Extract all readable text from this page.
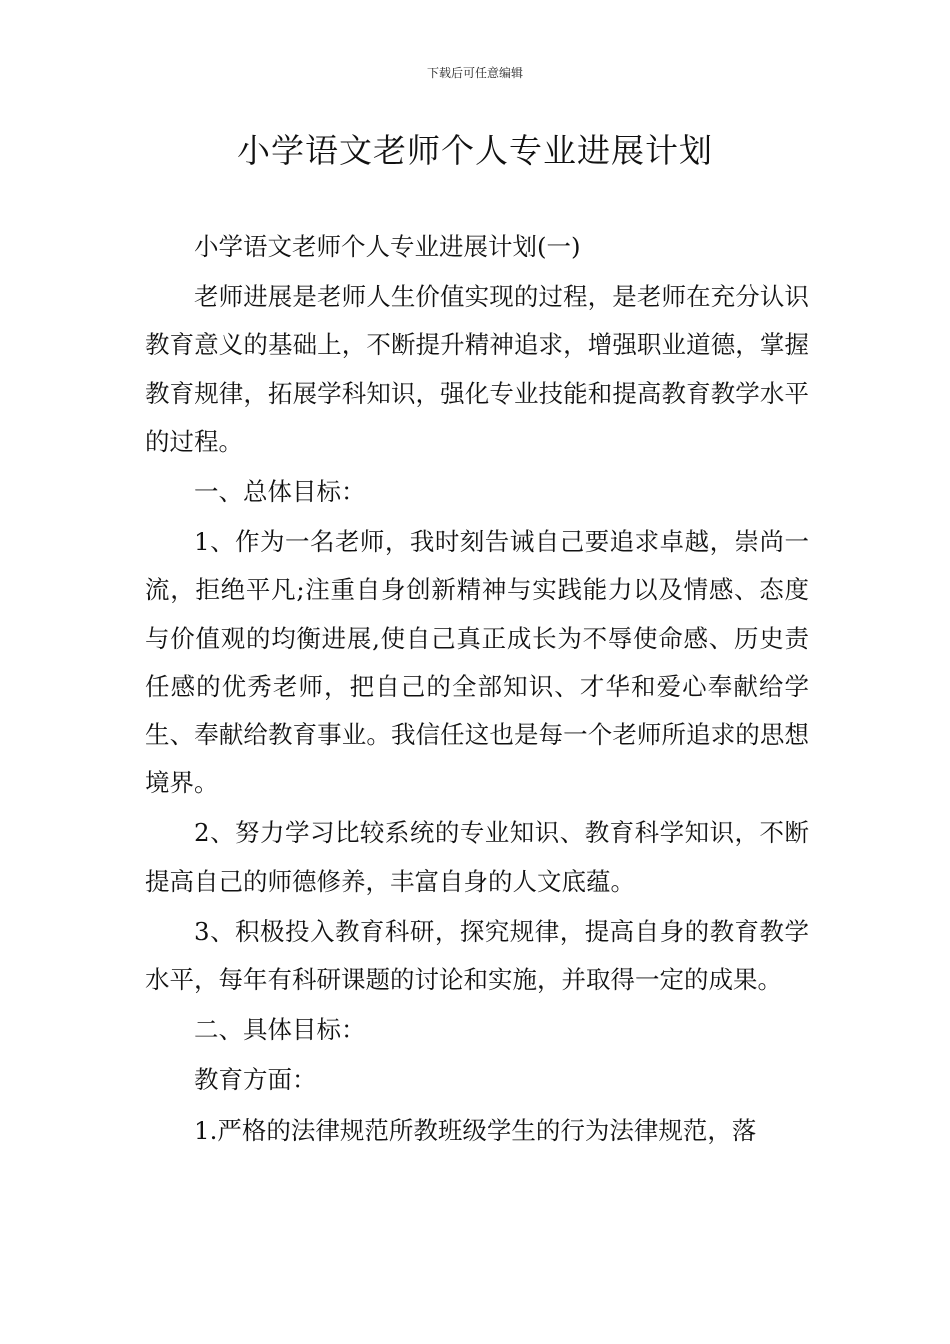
下载后可任意编辑
小学语文老师个人专业进展计划

小学语文老师个人专业进展计划(一)

老师进展是老师人生价值实现的过程，是老师在充分认识教育意义的基础上，不断提升精神追求，增强职业道德，掌握教育规律，拓展学科知识，强化专业技能和提高教育教学水平的过程。

一、总体目标：

1、作为一名老师，我时刻告诫自己要追求卓越，崇尚一流，拒绝平凡;注重自身创新精神与实践能力以及情感、态度与价值观的均衡进展,使自己真正成长为不辱使命感、历史责任感的优秀老师，把自己的全部知识、才华和爱心奉献给学生、奉献给教育事业。我信任这也是每一个老师所追求的思想境界。

2、努力学习比较系统的专业知识、教育科学知识，不断提高自己的师德修养，丰富自身的人文底蕴。

3、积极投入教育科研，探究规律，提高自身的教育教学水平，每年有科研课题的讨论和实施，并取得一定的成果。

二、具体目标：

教育方面：

1.严格的法律规范所教班级学生的行为法律规范，落
